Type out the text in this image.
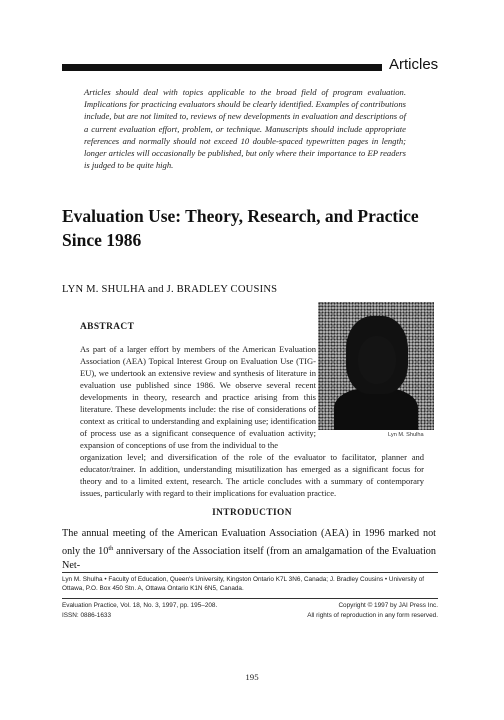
Articles
Articles should deal with topics applicable to the broad field of program evaluation. Implications for practicing evaluators should be clearly identified. Examples of contributions include, but are not limited to, reviews of new developments in evaluation and descriptions of a current evaluation effort, problem, or technique. Manuscripts should include appropriate references and normally should not exceed 10 double-spaced typewritten pages in length; longer articles will occasionally be published, but only where their importance to EP readers is judged to be quite high.
Evaluation Use: Theory, Research, and Practice Since 1986
LYN M. SHULHA and J. BRADLEY COUSINS
ABSTRACT
Lyn M. Shulha
As part of a larger effort by members of the American Evaluation Association (AEA) Topical Interest Group on Evaluation Use (TIG-EU), we undertook an extensive review and synthesis of literature in evaluation use published since 1986. We observe several recent developments in theory, research and practice arising from this literature. These developments include: the rise of considerations of context as critical to understanding and explaining use; identification of process use as a significant consequence of evaluation activity; expansion of conceptions of use from the individual to the
organization level; and diversification of the role of the evaluator to facilitator, planner and educator/trainer. In addition, understanding misutilization has emerged as a significant focus for theory and to a limited extent, research. The article concludes with a summary of contemporary issues, particularly with regard to their implications for evaluation practice.
INTRODUCTION
The annual meeting of the American Evaluation Association (AEA) in 1996 marked not only the 10th anniversary of the Association itself (from an amalgamation of the Evaluation Net-
Lyn M. Shulha • Faculty of Education, Queen's University, Kingston Ontario K7L 3N6, Canada; J. Bradley Cousins • University of Ottawa, P.O. Box 450 Stn. A, Ottawa Ontario K1N 6N5, Canada.
Evaluation Practice, Vol. 18, No. 3, 1997, pp. 195–208.	Copyright © 1997 by JAI Press Inc.
ISSN: 0886-1633	All rights of reproduction in any form reserved.
195
